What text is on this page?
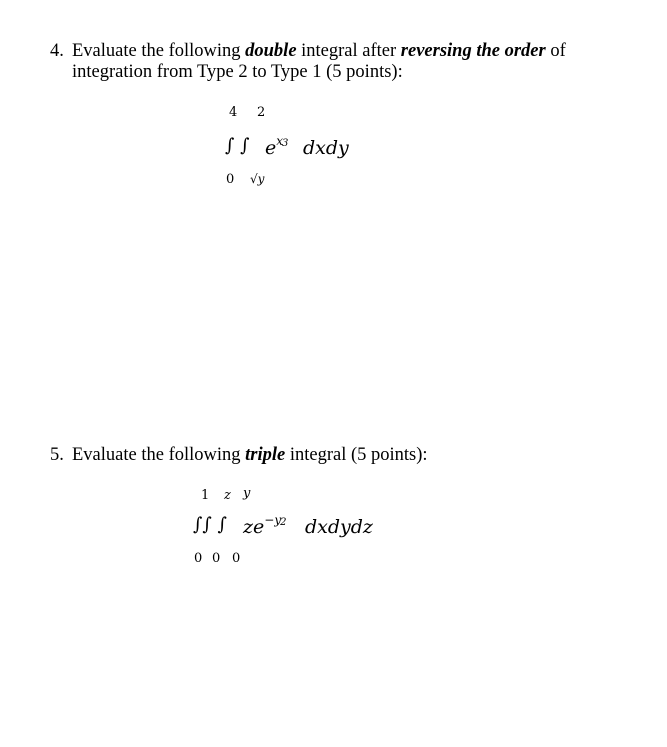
4. Evaluate the following double integral after reversing the order of
integration from Type 2 to Type 1 (5 points):
4 2
∫ ∫ $e^{x3}$ dxdy
0 √y
5. Evaluate the following triple integral (5 points):
1 z y
∫∫ ∫ $ze^{-y2}$ dxdydz
0 0 0
